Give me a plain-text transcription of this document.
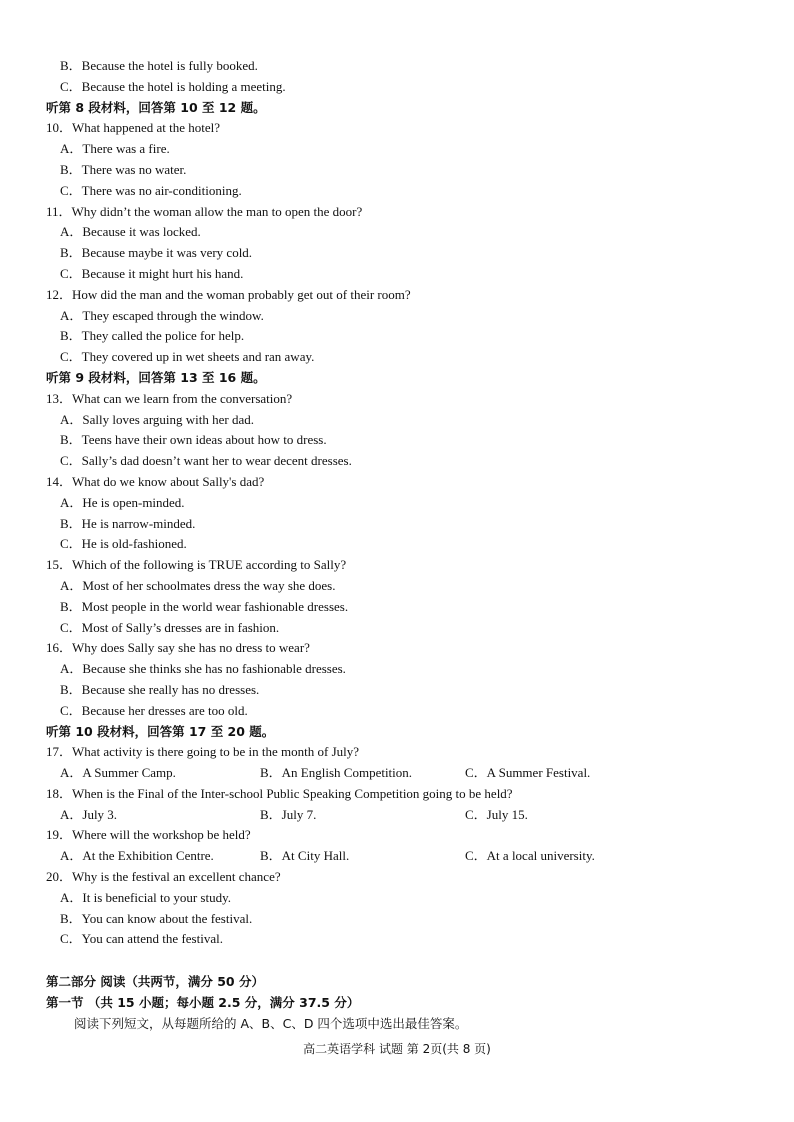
B．Because the hotel is fully booked.
C．Because the hotel is holding a meeting.
听第 8 段材料，回答第 10 至 12 题。
10．What happened at the hotel?
A．There was a fire.
B．There was no water.
C．There was no air-conditioning.
11．Why didn’t the woman allow the man to open the door?
A．Because it was locked.
B．Because maybe it was very cold.
C．Because it might hurt his hand.
12．How did the man and the woman probably get out of their room?
A．They escaped through the window.
B．They called the police for help.
C．They covered up in wet sheets and ran away.
听第 9 段材料，回答第 13 至 16 题。
13．What can we learn from the conversation?
A．Sally loves arguing with her dad.
B．Teens have their own ideas about how to dress.
C．Sally’s dad doesn’t want her to wear decent dresses.
14．What do we know about Sally's dad?
A．He is open-minded.
B．He is narrow-minded.
C．He is old-fashioned.
15．Which of the following is TRUE according to Sally?
A．Most of her schoolmates dress the way she does.
B．Most people in the world wear fashionable dresses.
C．Most of Sally’s dresses are in fashion.
16．Why does Sally say she has no dress to wear?
A．Because she thinks she has no fashionable dresses.
B．Because she really has no dresses.
C．Because her dresses are too old.
听第 10 段材料，回答第 17 至 20 题。
17．What activity is there going to be in the month of July?
A．A Summer Camp.	B．An English Competition.	C．A Summer Festival.
18．When is the Final of the Inter-school Public Speaking Competition going to be held?
A．July 3.	B．July 7.	C．July 15.
19．Where will the workshop be held?
A．At the Exhibition Centre.	B．At City Hall.	C．At a local university.
20．Why is the festival an excellent chance?
A．It is beneficial to your study.
B．You can know about the festival.
C．You can attend the festival.
第二部分 阅读（共两节，满分 50 分）
第一节 （共 15 小题；每小题 2.5 分，满分 37.5 分）
阅读下列短文，从每题所给的 A、B、C、D 四个选项中选出最佳答案。
高二英语学科 试题 第 2页(共 8 页)
